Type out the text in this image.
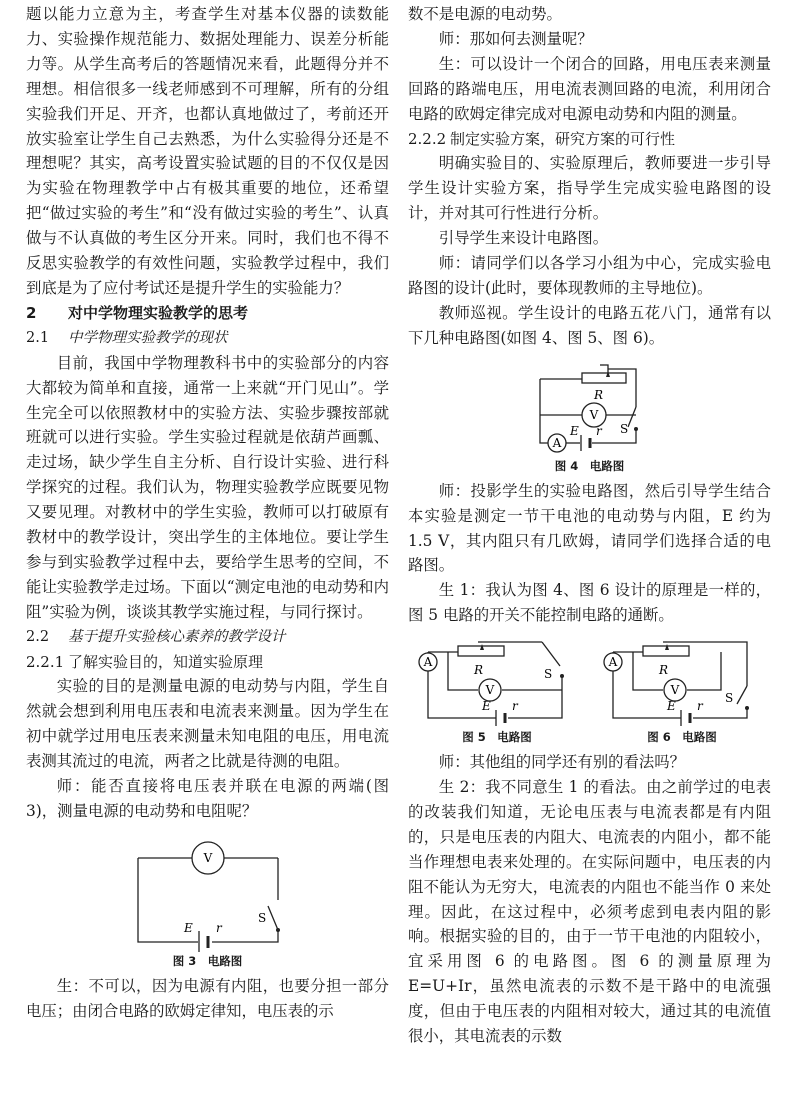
题以能力立意为主，考查学生对基本仪器的读数能力、实验操作规范能力、数据处理能力、误差分析能力等。从学生高考后的答题情况来看，此题得分并不理想。相信很多一线老师感到不可理解，所有的分组实验我们开足、开齐，也都认真地做过了，考前还开放实验室让学生自己去熟悉，为什么实验得分还是不理想呢？其实，高考设置实验试题的目的不仅仅是因为实验在物理教学中占有极其重要的地位，还希望把“做过实验的考生”和“没有做过实验的考生”、认真做与不认真做的考生区分开来。同时，我们也不得不反思实验教学的有效性问题，实验教学过程中，我们到底是为了应付考试还是提升学生的实验能力？

2 对中学物理实验教学的思考

2.1 中学物理实验教学的现状

目前，我国中学物理教科书中的实验部分的内容大都较为简单和直接，通常一上来就“开门见山”。学生完全可以依照教材中的实验方法、实验步骤按部就班就可以进行实验。学生实验过程就是依葫芦画瓢、走过场，缺少学生自主分析、自行设计实验、进行科学探究的过程。我们认为，物理实验教学应既要见物又要见理。对教材中的学生实验，教师可以打破原有教材中的教学设计，突出学生的主体地位。要让学生参与到实验教学过程中去，要给学生思考的空间，不能让实验教学走过场。下面以“测定电池的电动势和内阻”实验为例，谈谈其教学实施过程，与同行探讨。

2.2 基于提升实验核心素养的教学设计

2.2.1 了解实验目的，知道实验原理

实验的目的是测量电源的电动势与内阻，学生自然就会想到利用电压表和电流表来测量。因为学生在初中就学过用电压表来测量未知电阻的电压，用电流表测其流过的电流，两者之比就是待测的电阻。

师：能否直接将电压表并联在电源的两端(图 3)，测量电源的电动势和电阻呢？

V
E r
S
图 3　电路图

生：不可以，因为电源有内阻，也要分担一部分电压；由闭合电路的欧姆定律知，电压表的示

数不是电源的电动势。

师：那如何去测量呢？

生：可以设计一个闭合的回路，用电压表来测量回路的路端电压，用电流表测回路的电流，利用闭合电路的欧姆定律完成对电源电动势和内阻的测量。

2.2.2 制定实验方案，研究方案的可行性

明确实验目的、实验原理后，教师要进一步引导学生设计实验方案，指导学生完成实验电路图的设计，并对其可行性进行分析。

引导学生来设计电路图。

师：请同学们以各学习小组为中心，完成实验电路图的设计(此时，要体现教师的主导地位)。

教师巡视。学生设计的电路五花八门，通常有以下几种电路图(如图 4、图 5、图 6)。

R
V
A
E r S
图 4　电路图

师：投影学生的实验电路图，然后引导学生结合本实验是测定一节干电池的电动势与内阻，E 约为 1.5 V，其内阻只有几欧姆，请同学们选择合适的电路图。

生 1：我认为图 4、图 6 设计的原理是一样的，图 5 电路的开关不能控制电路的通断。

R
V
A
E r
S
图 5　电路图
R
V
A
E r
S
图 6　电路图

师：其他组的同学还有别的看法吗？

生 2：我不同意生 1 的看法。由之前学过的电表的改装我们知道，无论电压表与电流表都是有内阻的，只是电压表的内阻大、电流表的内阻小，都不能当作理想电表来处理的。在实际问题中，电压表的内阻不能认为无穷大，电流表的内阻也不能当作 0 来处理。因此，在这过程中，必须考虑到电表内阻的影响。根据实验的目的，由于一节干电池的内阻较小，宜采用图 6 的电路图。图 6 的测量原理为 E=U+Ir，虽然电流表的示数不是干路中的电流强度，但由于电压表的内阻相对较大，通过其的电流值很小，其电流表的示数
